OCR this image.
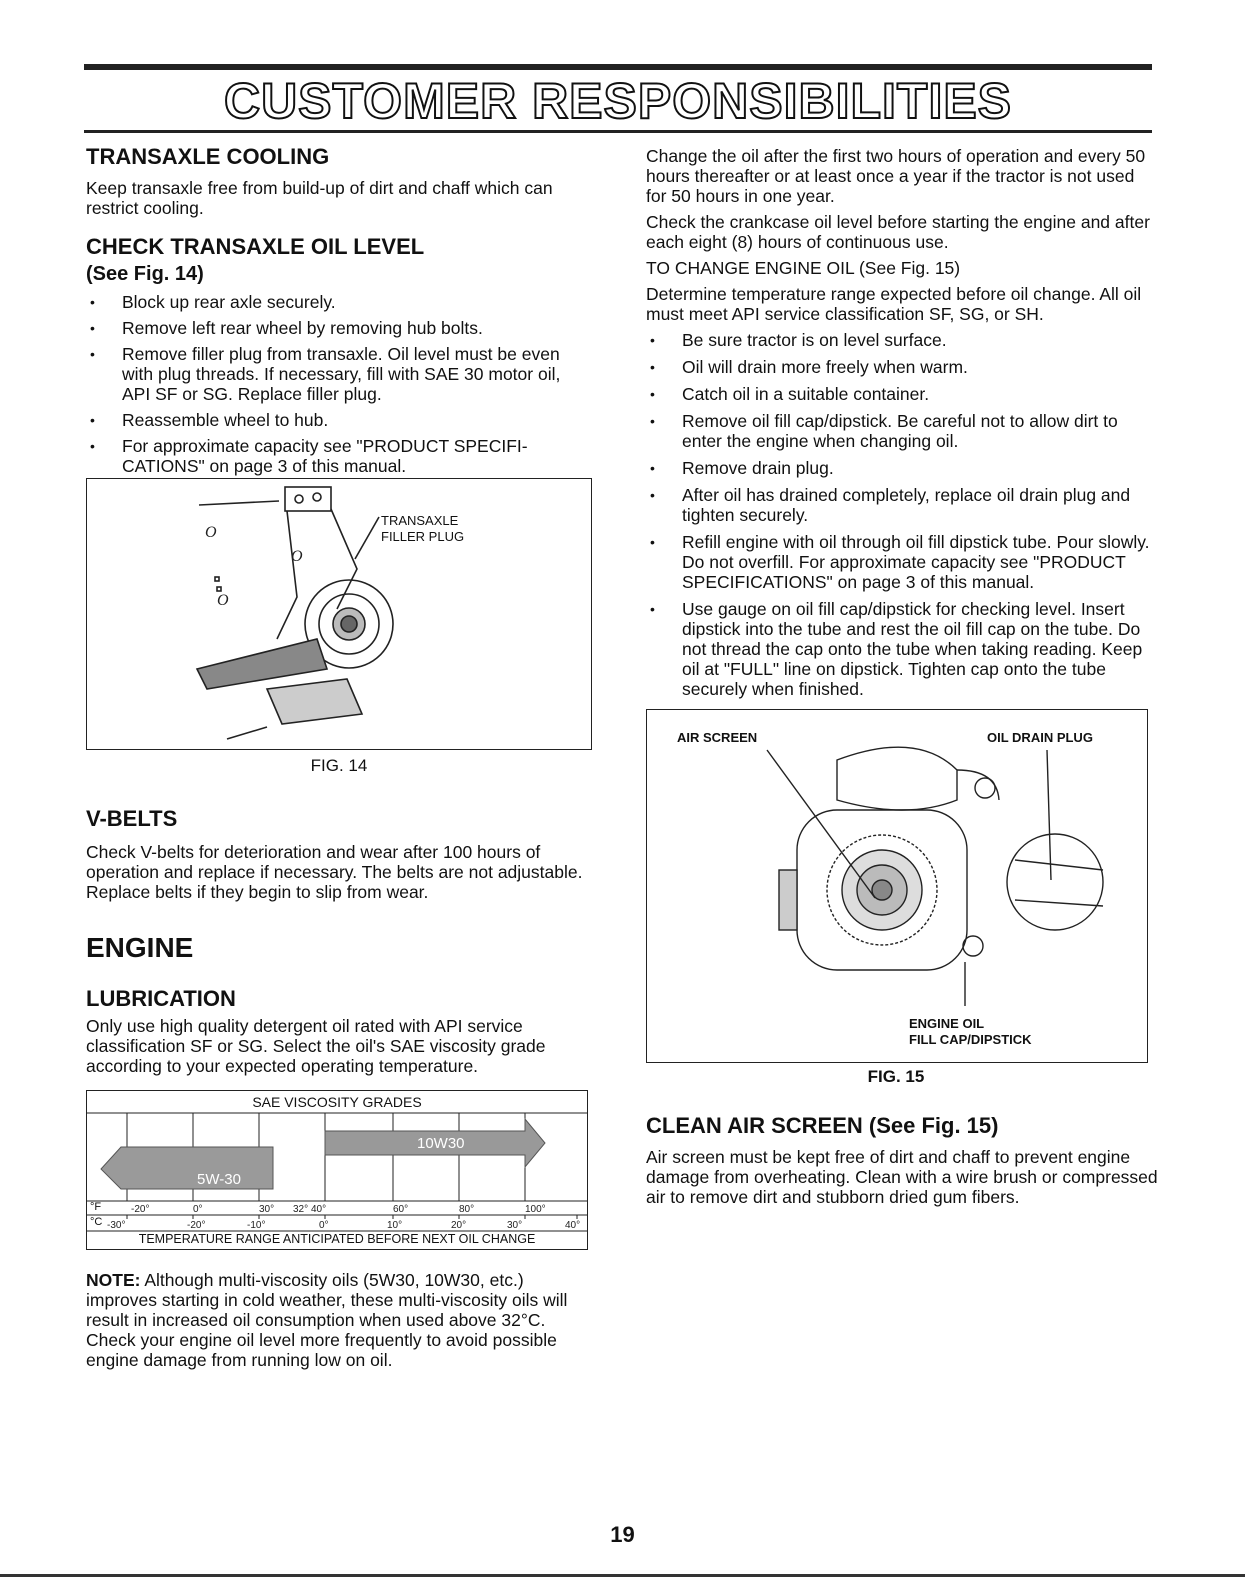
CUSTOMER RESPONSIBILITIES
TRANSAXLE COOLING

Keep transaxle free from build-up of dirt and chaff which can restrict cooling.

CHECK TRANSAXLE OIL LEVEL

(See Fig. 14)

• Block up rear axle securely.
• Remove left rear wheel by removing hub bolts.
• Remove filler plug from transaxle. Oil level must be even with plug threads. If necessary, fill with SAE 30 motor oil, API SF or SG. Replace filler plug.
• Reassemble wheel to hub.
• For approximate capacity see "PRODUCT SPECIFI-CATIONS" on page 3 of this manual.
O
O
O
TRANSAXLE
FILLER PLUG
FIG. 14
V-BELTS

Check V-belts for deterioration and wear after 100 hours of operation and replace if necessary. The belts are not adjustable. Replace belts if they begin to slip from wear.

ENGINE
LUBRICATION

Only use high quality detergent oil rated with API service classification SF or SG. Select the oil's SAE viscosity grade according to your expected operating temperature.

10W30
5W-30
-20°	0°	30° 32° 40°	60°	80°	100°
-30°	-20°	-10°	0°	10°	20°	30°	40°
SAE VISCOSITY GRADES
°F
°C
TEMPERATURE RANGE ANTICIPATED BEFORE NEXT OIL CHANGE

NOTE: Although multi-viscosity oils (5W30, 10W30, etc.) improves starting in cold weather, these multi-viscosity oils will result in increased oil consumption when used above 32°C. Check your engine oil level more frequently to avoid possible engine damage from running low on oil.

Change the oil after the first two hours of operation and every 50 hours thereafter or at least once a year if the tractor is not used for 50 hours in one year.

Check the crankcase oil level before starting the engine and after each eight (8) hours of continuous use.

TO CHANGE ENGINE OIL (See Fig. 15)

Determine temperature range expected before oil change. All oil must meet API service classification SF, SG, or SH.

• Be sure tractor is on level surface.
• Oil will drain more freely when warm.
• Catch oil in a suitable container.
• Remove oil fill cap/dipstick. Be careful not to allow dirt to enter the engine when changing oil.
• Remove drain plug.
• After oil has drained completely, replace oil drain plug and tighten securely.
• Refill engine with oil through oil fill dipstick tube. Pour slowly. Do not overfill. For approximate capacity see "PRODUCT SPECIFICATIONS" on page 3 of this manual.
• Use gauge on oil fill cap/dipstick for checking level. Insert dipstick into the tube and rest the oil fill cap on the tube. Do not thread the cap onto the tube when taking reading. Keep oil at "FULL" line on dipstick. Tighten cap onto the tube securely when finished.
AIR SCREEN	OIL DRAIN PLUG
ENGINE OIL
FILL CAP/DIPSTICK
FIG. 15
CLEAN AIR SCREEN (See Fig. 15)

Air screen must be kept free of dirt and chaff to prevent engine damage from overheating. Clean with a wire brush or compressed air to remove dirt and stubborn dried gum fibers.

19
